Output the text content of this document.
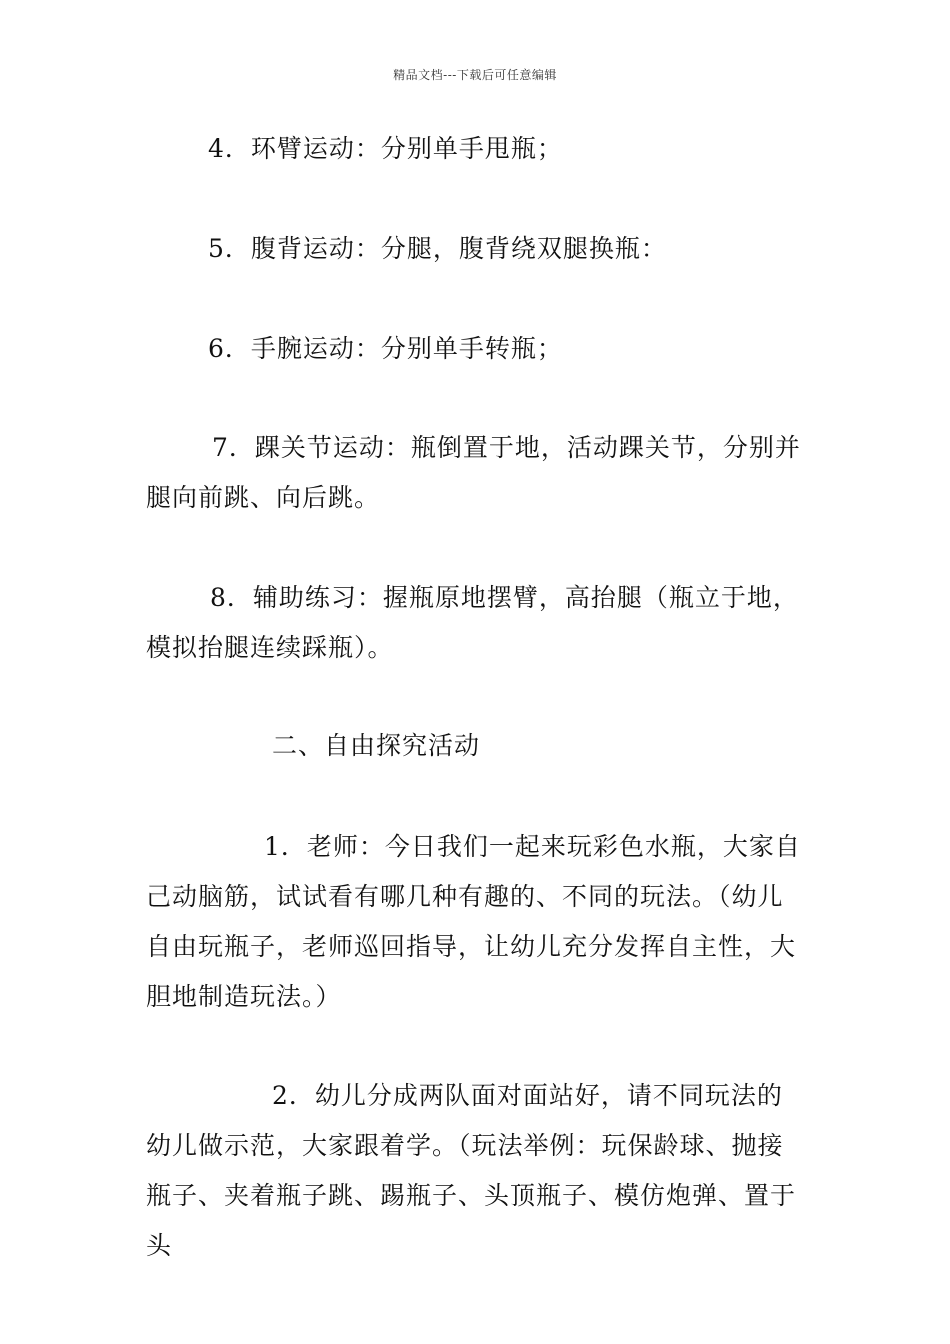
精品文档---下载后可任意编辑

4．环臂运动：分别单手甩瓶；

5．腹背运动：分腿，腹背绕双腿换瓶：

6．手腕运动：分别单手转瓶；

7．踝关节运动：瓶倒置于地，活动踝关节，分别并腿向前跳、向后跳。

8．辅助练习：握瓶原地摆臂，高抬腿（瓶立于地，模拟抬腿连续踩瓶）。

二、自由探究活动

1．老师：今日我们一起来玩彩色水瓶，大家自己动脑筋，试试看有哪几种有趣的、不同的玩法。（幼儿自由玩瓶子，老师巡回指导，让幼儿充分发挥自主性，大胆地制造玩法。）

2．幼儿分成两队面对面站好，请不同玩法的幼儿做示范，大家跟着学。（玩法举例：玩保龄球、抛接瓶子、夹着瓶子跳、踢瓶子、头顶瓶子、模仿炮弹、置于头
